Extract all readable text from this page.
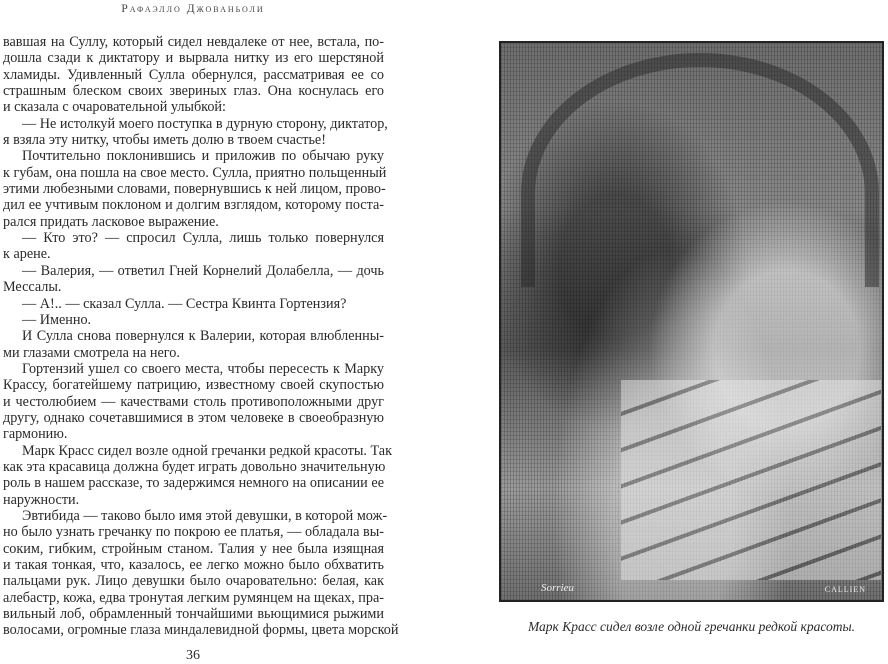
Рафаэлло Джованьоли
вавшая на Суллу, который сидел невдалеке от нее, встала, по-
дошла сзади к диктатору и вырвала нитку из его шерстяной
хламиды. Удивленный Сулла обернулся, рассматривая ее со
страшным блеском своих звериных глаз. Она коснулась его
и сказала с очаровательной улыбкой:
— Не истолкуй моего поступка в дурную сторону, диктатор,
я взяла эту нитку, чтобы иметь долю в твоем счастье!
Почтительно поклонившись и приложив по обычаю руку
к губам, она пошла на свое место. Сулла, приятно польщенный
этими любезными словами, повернувшись к ней лицом, прово-
дил ее учтивым поклоном и долгим взглядом, которому поста-
рался придать ласковое выражение.
— Кто это? — спросил Сулла, лишь только повернулся
к арене.
— Валерия, — ответил Гней Корнелий Долабелла, — дочь
Мессалы.
— А!.. — сказал Сулла. — Сестра Квинта Гортензия?
— Именно.
И Сулла снова повернулся к Валерии, которая влюбленны-
ми глазами смотрела на него.
Гортензий ушел со своего места, чтобы пересесть к Марку
Крассу, богатейшему патрицию, известному своей скупостью
и честолюбием — качествами столь противоположными друг
другу, однако сочетавшимися в этом человеке в своеобразную
гармонию.
Марк Красс сидел возле одной гречанки редкой красоты. Так
как эта красавица должна будет играть довольно значительную
роль в нашем рассказе, то задержимся немного на описании ее
наружности.
Эвтибида — таково было имя этой девушки, в которой мож-
но было узнать гречанку по покрою ее платья, — обладала вы-
соким, гибким, стройным станом. Талия у нее была изящная
и такая тонкая, что, казалось, ее легко можно было обхватить
пальцами рук. Лицо девушки было очаровательно: белая, как
алебастр, кожа, едва тронутая легким румянцем на щеках, пра-
вильный лоб, обрамленный тончайшими вьющимися рыжими
волосами, огромные глаза миндалевидной формы, цвета морской
36
Sorrieu	CALLIEN
Марк Красс сидел возле одной гречанки редкой красоты.
